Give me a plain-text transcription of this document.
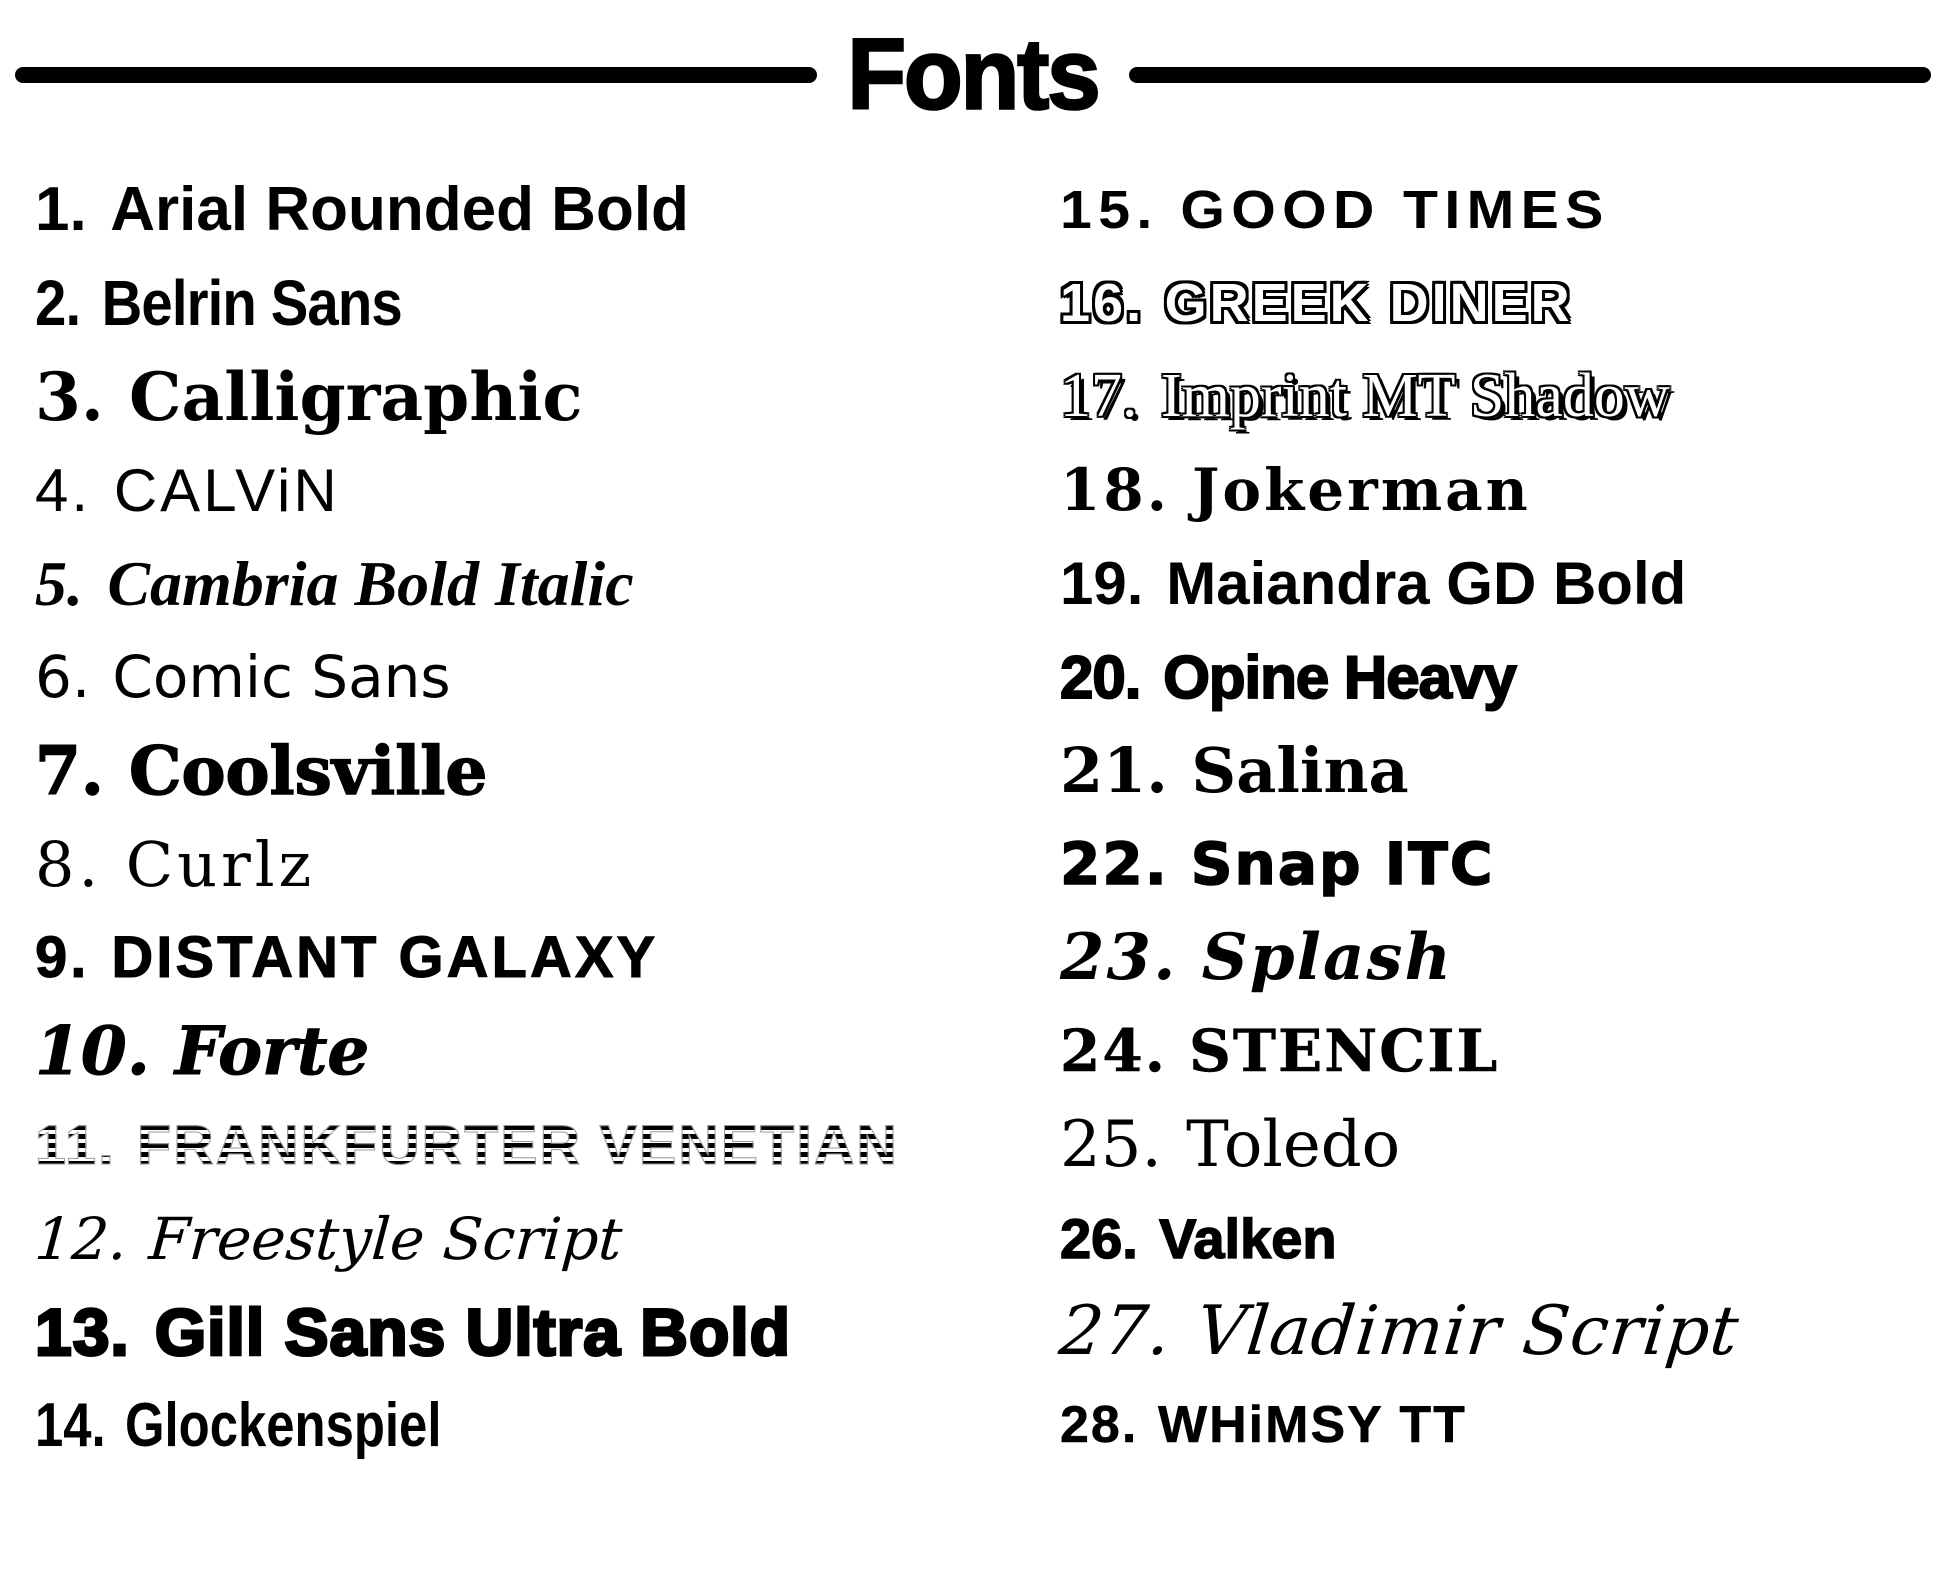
Fonts
1. Arial Rounded Bold
2. Belrin Sans
3. Calligraphic
4. CALViN
5. Cambria Bold Italic
6. Comic Sans
7. Coolsville
8. Curlz
9. DISTANT GALAXY
10. Forte
11. FRANKFURTER VENETIAN
12. Freestyle Script
13. Gill Sans Ultra Bold
14. Glockenspiel
15. GOOD TIMES
16. GREEK DINER
17. Imprint MT Shadow
18. Jokerman
19. Maiandra GD Bold
20. Opine Heavy
21. Salina
22. Snap ITC
23. Splash
24. STENCIL
25. Toledo
26. Valken
27. Vladimir Script
28. WHiMSY TT
